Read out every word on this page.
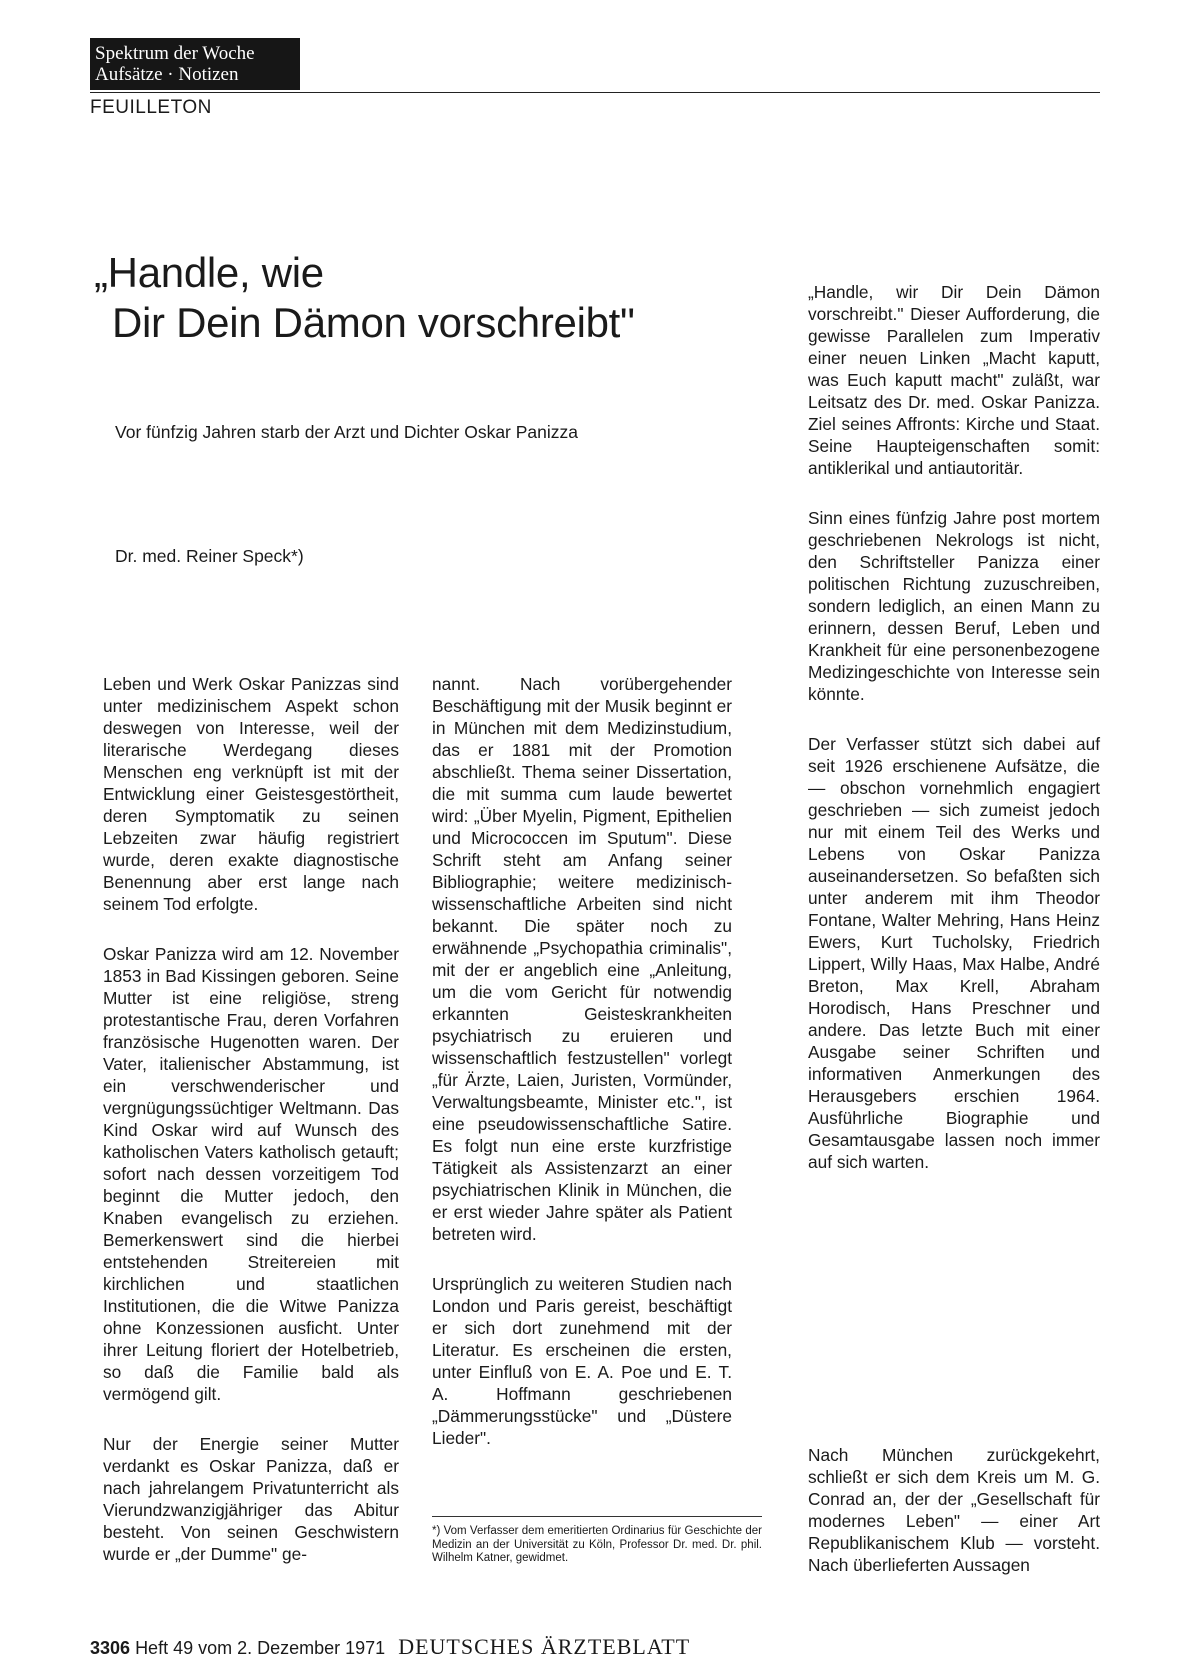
Spektrum der Woche
Aufsätze · Notizen
FEUILLETON
„Handle, wie
Dir Dein Dämon vorschreibt"
Vor fünfzig Jahren starb der Arzt und Dichter Oskar Panizza
Dr. med. Reiner Speck*)

Leben und Werk Oskar Panizzas sind unter medizinischem Aspekt schon deswegen von Interesse, weil der literarische Werdegang dieses Menschen eng verknüpft ist mit der Entwicklung einer Geistesgestörtheit, deren Symptomatik zu seinen Lebzeiten zwar häufig registriert wurde, deren exakte diagnostische Benennung aber erst lange nach seinem Tod erfolgte.

Oskar Panizza wird am 12. November 1853 in Bad Kissingen geboren. Seine Mutter ist eine religiöse, streng protestantische Frau, deren Vorfahren französische Hugenotten waren. Der Vater, italienischer Abstammung, ist ein verschwenderischer und vergnügungssüchtiger Weltmann. Das Kind Oskar wird auf Wunsch des katholischen Vaters katholisch getauft; sofort nach dessen vorzeitigem Tod beginnt die Mutter jedoch, den Knaben evangelisch zu erziehen. Bemerkenswert sind die hierbei entstehenden Streitereien mit kirchlichen und staatlichen Institutionen, die die Witwe Panizza ohne Konzessionen ausficht. Unter ihrer Leitung floriert der Hotelbetrieb, so daß die Familie bald als vermögend gilt.

Nur der Energie seiner Mutter verdankt es Oskar Panizza, daß er nach jahrelangem Privatunterricht als Vierundzwanzigjähriger das Abitur besteht. Von seinen Geschwistern wurde er „der Dumme" ge-

nannt. Nach vorübergehender Beschäftigung mit der Musik beginnt er in München mit dem Medizinstudium, das er 1881 mit der Promotion abschließt. Thema seiner Dissertation, die mit summa cum laude bewertet wird: „Über Myelin, Pigment, Epithelien und Micrococcen im Sputum". Diese Schrift steht am Anfang seiner Bibliographie; weitere medizinisch-wissenschaftliche Arbeiten sind nicht bekannt. Die später noch zu erwähnende „Psychopathia criminalis", mit der er angeblich eine „Anleitung, um die vom Gericht für notwendig erkannten Geisteskrankheiten psychiatrisch zu eruieren und wissenschaftlich festzustellen" vorlegt „für Ärzte, Laien, Juristen, Vormünder, Verwaltungsbeamte, Minister etc.", ist eine pseudowissenschaftliche Satire. Es folgt nun eine erste kurzfristige Tätigkeit als Assistenzarzt an einer psychiatrischen Klinik in München, die er erst wieder Jahre später als Patient betreten wird.

Ursprünglich zu weiteren Studien nach London und Paris gereist, beschäftigt er sich dort zunehmend mit der Literatur. Es erscheinen die ersten, unter Einfluß von E. A. Poe und E. T. A. Hoffmann geschriebenen „Dämmerungsstücke" und „Düstere Lieder".

*) Vom Verfasser dem emeritierten Ordinarius für Geschichte der Medizin an der Universität zu Köln, Professor Dr. med. Dr. phil. Wilhelm Katner, gewidmet.

„Handle, wir Dir Dein Dämon vorschreibt." Dieser Aufforderung, die gewisse Parallelen zum Imperativ einer neuen Linken „Macht kaputt, was Euch kaputt macht" zuläßt, war Leitsatz des Dr. med. Oskar Panizza. Ziel seines Affronts: Kirche und Staat. Seine Haupteigenschaften somit: antiklerikal und antiautoritär.

Sinn eines fünfzig Jahre post mortem geschriebenen Nekrologs ist nicht, den Schriftsteller Panizza einer politischen Richtung zuzuschreiben, sondern lediglich, an einen Mann zu erinnern, dessen Beruf, Leben und Krankheit für eine personenbezogene Medizingeschichte von Interesse sein könnte.

Der Verfasser stützt sich dabei auf seit 1926 erschienene Aufsätze, die — obschon vornehmlich engagiert geschrieben — sich zumeist jedoch nur mit einem Teil des Werks und Lebens von Oskar Panizza auseinandersetzen. So befaßten sich unter anderem mit ihm Theodor Fontane, Walter Mehring, Hans Heinz Ewers, Kurt Tucholsky, Friedrich Lippert, Willy Haas, Max Halbe, André Breton, Max Krell, Abraham Horodisch, Hans Preschner und andere. Das letzte Buch mit einer Ausgabe seiner Schriften und informativen Anmerkungen des Herausgebers erschien 1964. Ausführliche Biographie und Gesamtausgabe lassen noch immer auf sich warten.

Nach München zurückgekehrt, schließt er sich dem Kreis um M. G. Conrad an, der der „Gesellschaft für modernes Leben" — einer Art Republikanischem Klub — vorsteht. Nach überlieferten Aussagen

3306 Heft 49 vom 2. Dezember 1971 DEUTSCHES ÄRZTEBLATT
